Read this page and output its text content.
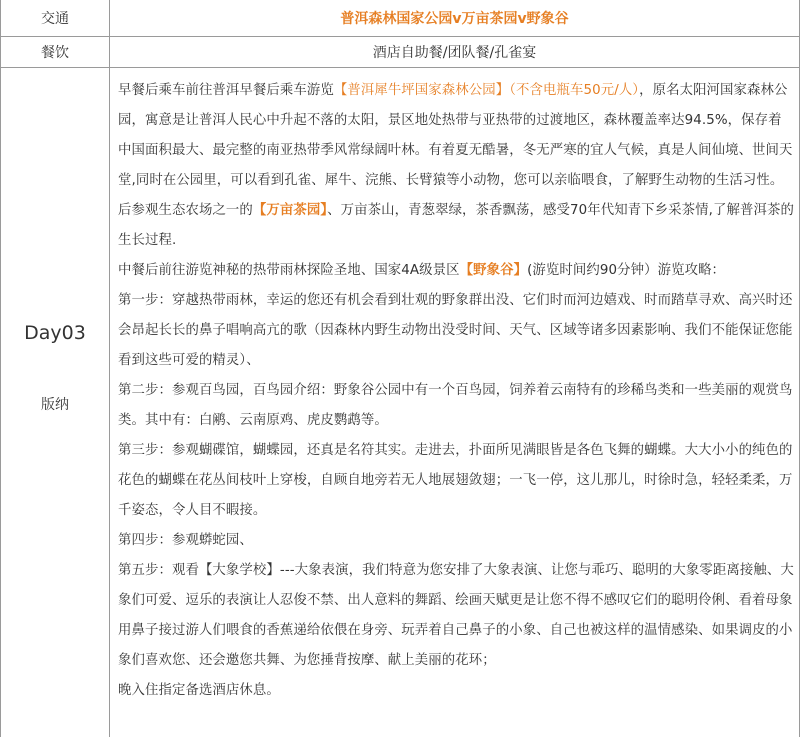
交通	普洱森林国家公园v万亩茶园v野象谷
餐饮	酒店自助餐/团队餐/孔雀宴
Day03
版纳

早餐后乘车前往普洱早餐后乘车游览【普洱犀牛坪国家森林公园】（不含电瓶车50元/人），原名太阳河国家森林公园，寓意是让普洱人民心中升起不落的太阳，景区地处热带与亚热带的过渡地区，森林覆盖率达94.5%，保存着中国面积最大、最完整的南亚热带季风常绿阔叶林。有着夏无酷暑，冬无严寒的宜人气候，真是人间仙境、世间天堂,同时在公园里，可以看到孔雀、犀牛、浣熊、长臂猿等小动物，您可以亲临喂食，了解野生动物的生活习性。后参观生态农场之一的【万亩茶园】、万亩茶山，青葱翠绿，茶香飘荡，感受70年代知青下乡采茶情,了解普洱茶的生长过程.

中餐后前往游览神秘的热带雨林探险圣地、国家4A级景区【野象谷】(游览时间约90分钟）游览攻略：

第一步：穿越热带雨林，幸运的您还有机会看到壮观的野象群出没、它们时而河边嬉戏、时而踏草寻欢、高兴时还会昂起长长的鼻子唱响高亢的歌（因森林内野生动物出没受时间、天气、区域等诸多因素影响、我们不能保证您能看到这些可爱的精灵）、

第二步：参观百鸟园，百鸟园介绍：野象谷公园中有一个百鸟园，饲养着云南特有的珍稀鸟类和一些美丽的观赏鸟类。其中有：白鹇、云南原鸡、虎皮鹦鹉等。

第三步：参观蝴碟馆，蝴蝶园，还真是名符其实。走进去，扑面所见满眼皆是各色飞舞的蝴蝶。大大小小的纯色的花色的蝴蝶在花丛间枝叶上穿梭，自顾自地旁若无人地展翅敛翅；一飞一停，这儿那儿，时徐时急，轻轻柔柔，万千姿态，令人目不暇接。

第四步：参观蟒蛇园、

第五步：观看【大象学校】---大象表演，我们特意为您安排了大象表演、让您与乖巧、聪明的大象零距离接触、大象们可爱、逗乐的表演让人忍俊不禁、出人意料的舞蹈、绘画天赋更是让您不得不感叹它们的聪明伶俐、看着母象用鼻子接过游人们喂食的香蕉递给依偎在身旁、玩弄着自己鼻子的小象、自己也被这样的温情感染、如果调皮的小象们喜欢您、还会邀您共舞、为您捶背按摩、献上美丽的花环；

晚入住指定备选酒店休息。
